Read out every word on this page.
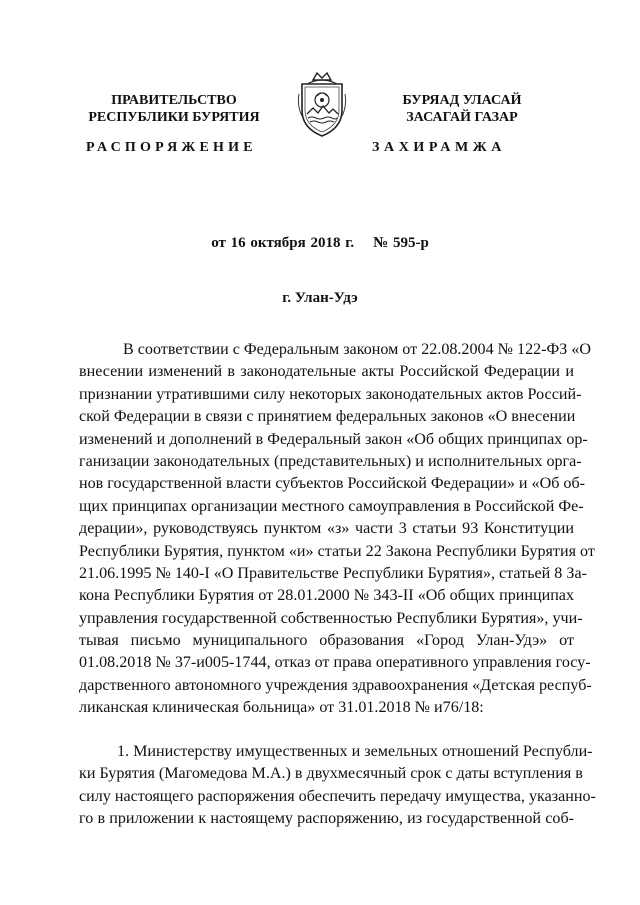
ПРАВИТЕЛЬСТВО
РЕСПУБЛИКИ БУРЯТИЯ
БУРЯАД УЛАСАЙ
ЗАСАГАЙ ГАЗАР
РАСПОРЯЖЕНИЕ	ЗАХИРАМЖА
от 16 октября 2018 г. № 595-р
г. Улан-Удэ
В соответствии с Федеральным законом от 22.08.2004 № 122-ФЗ «О
внесении изменений в законодательные акты Российской Федерации и
признании утратившими силу некоторых законодательных актов Россий-
ской Федерации в связи с принятием федеральных законов «О внесении
изменений и дополнений в Федеральный закон «Об общих принципах ор-
ганизации законодательных (представительных) и исполнительных орга-
нов государственной власти субъектов Российской Федерации» и «Об об-
щих принципах организации местного самоуправления в Российской Фе-
дерации», руководствуясь пунктом «з» части 3 статьи 93 Конституции
Республики Бурятия, пунктом «и» статьи 22 Закона Республики Бурятия от
21.06.1995 № 140-I «О Правительстве Республики Бурятия», статьей 8 За-
кона Республики Бурятия от 28.01.2000 № 343-II «Об общих принципах
управления государственной собственностью Республики Бурятия», учи-
тывая письмо муниципального образования «Город Улан-Удэ» от
01.08.2018 № 37-и005-1744, отказ от права оперативного управления госу-
дарственного автономного учреждения здравоохранения «Детская респуб-
ликанская клиническая больница» от 31.01.2018 № и76/18:
1. Министерству имущественных и земельных отношений Республи-
ки Бурятия (Магомедова М.А.) в двухмесячный срок с даты вступления в
силу настоящего распоряжения обеспечить передачу имущества, указанно-
го в приложении к настоящему распоряжению, из государственной соб-
